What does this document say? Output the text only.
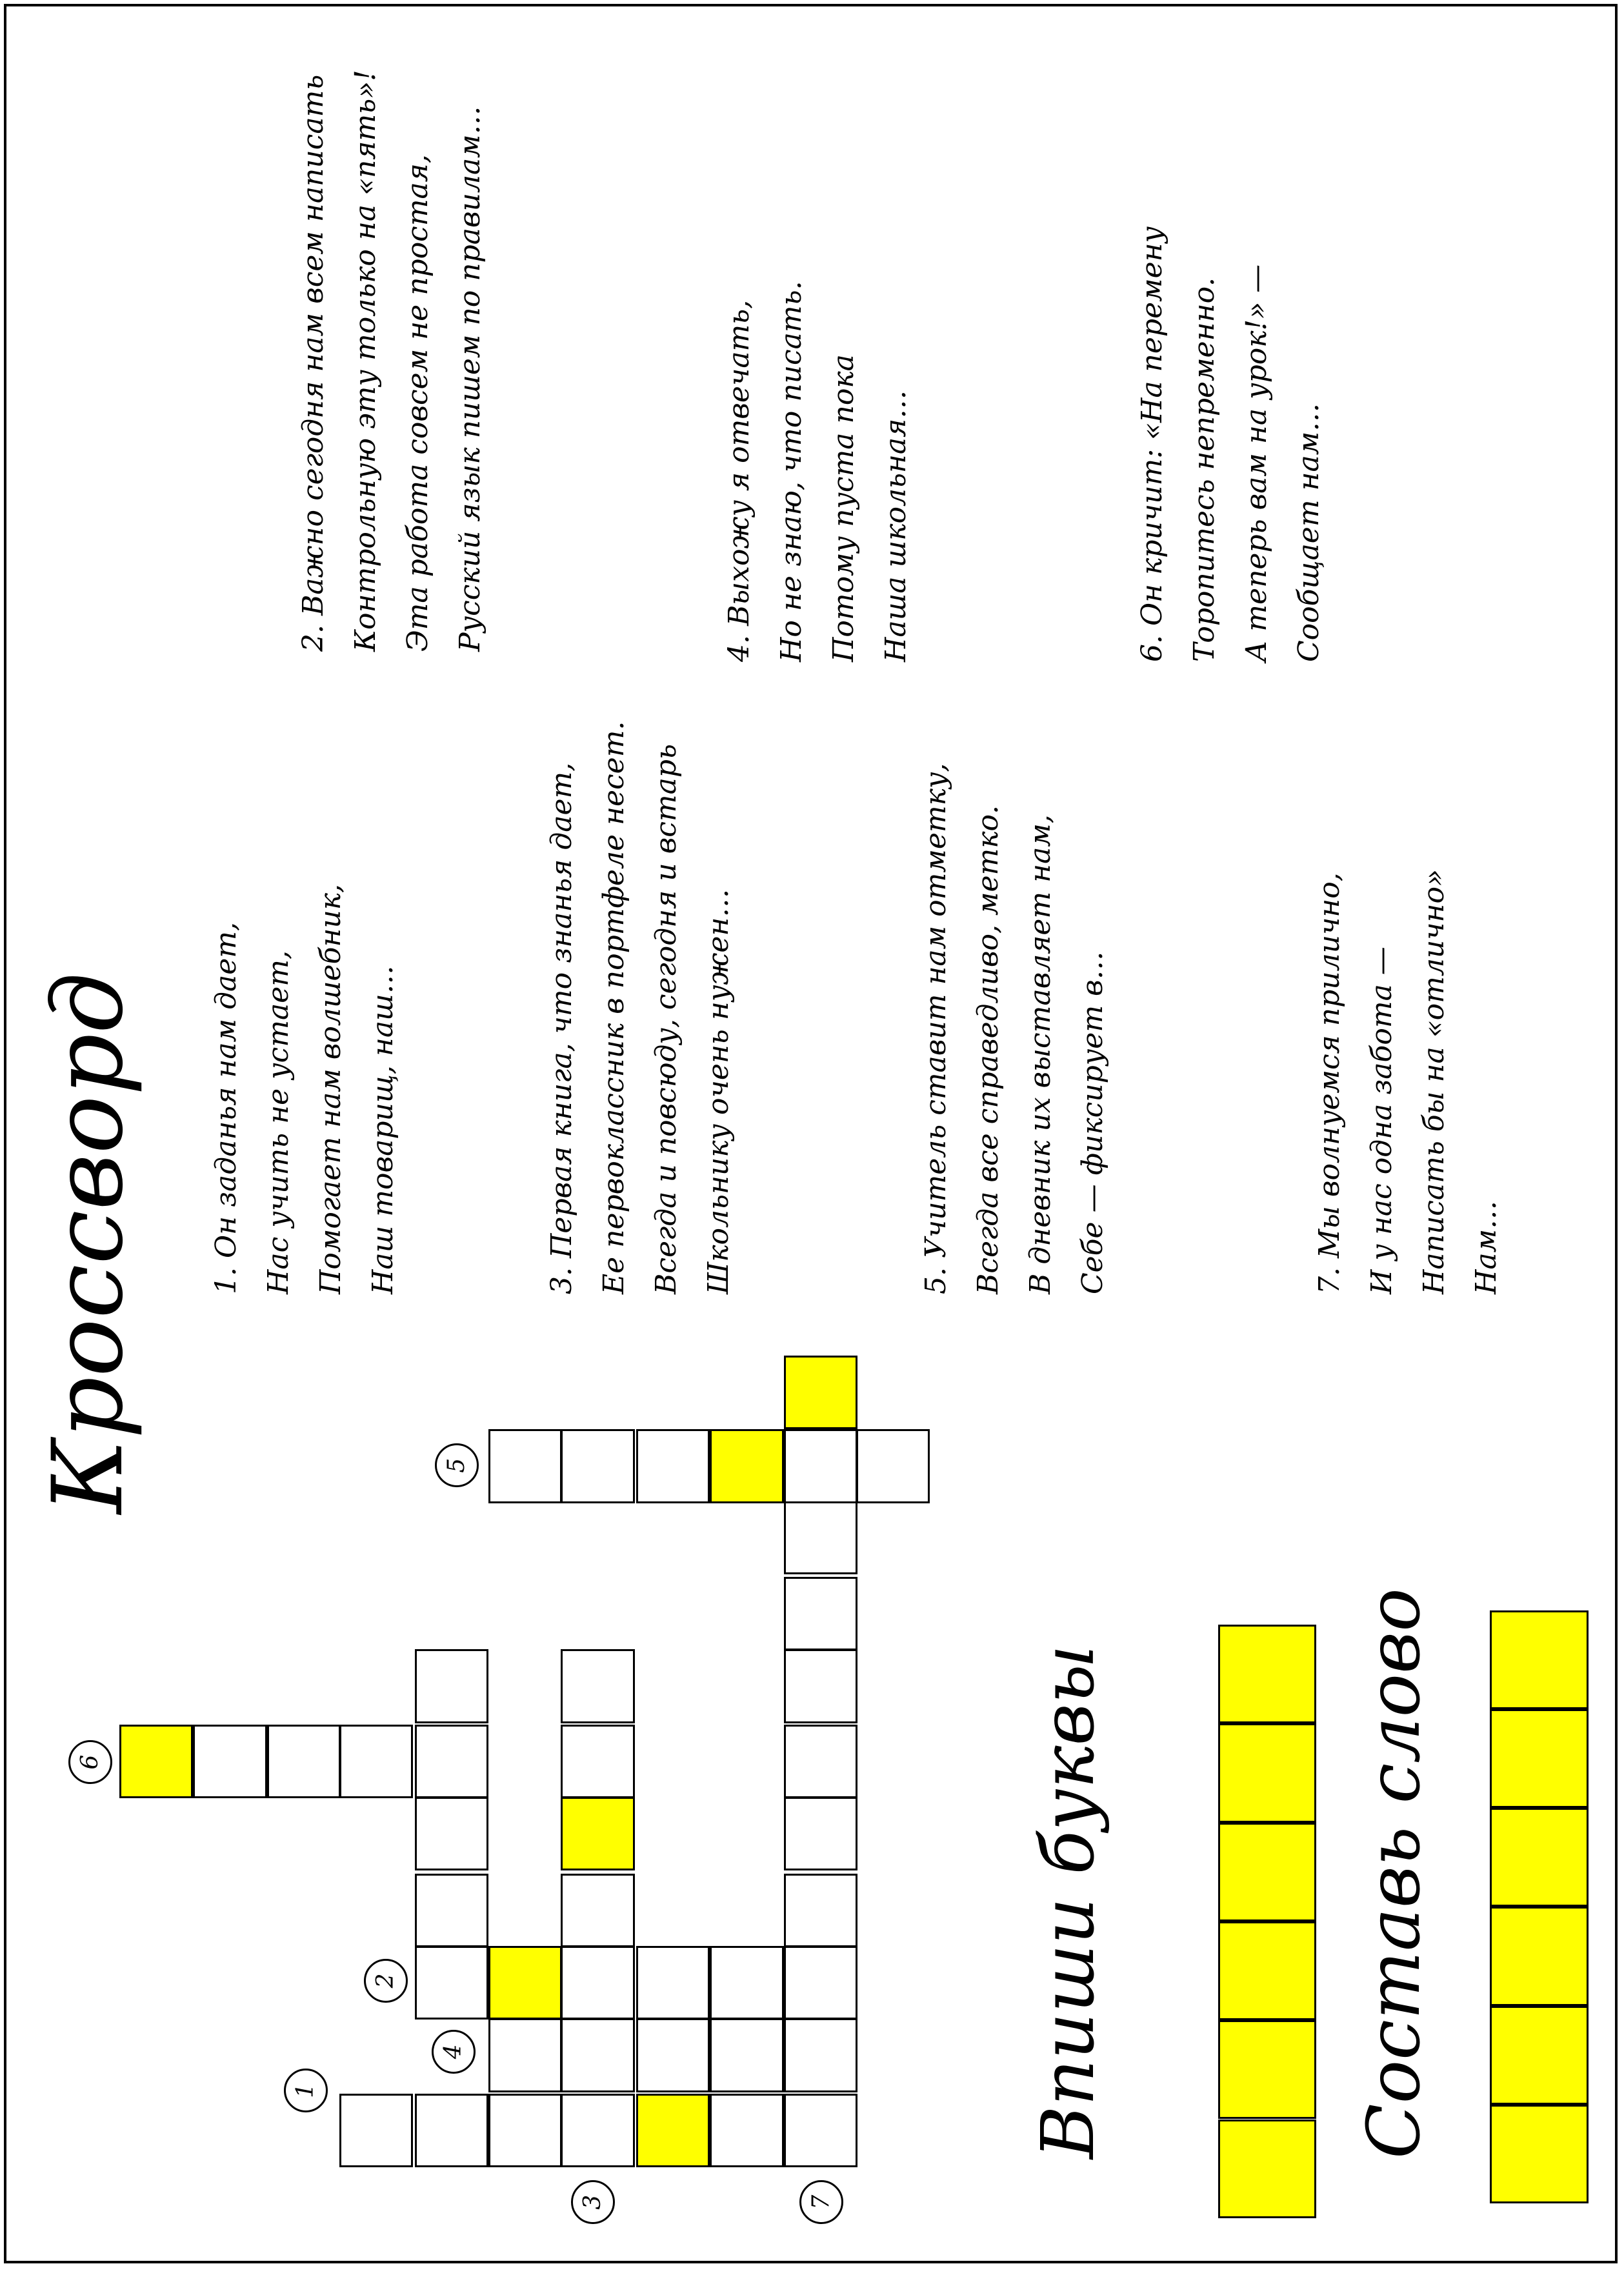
Кроссворд
1
2
3
4
5
6
7
1. Он заданья нам дает,
Нас учить не устает,
Помогает нам волшебник,
Наш товарищ, наш…
2. Важно сегодня нам всем написать
Контрольную эту только на «пять»!
Эта работа совсем не простая,
Русский язык пишем по правилам…
3. Первая книга, что знанья дает,
Ее первоклассник в портфеле несет.
Всегда и повсюду, сегодня и встарь
Школьнику очень нужен…
4. Выхожу я отвечать,
Но не знаю, что писать.
Потому пуста пока
Наша школьная…
5. Учитель ставит нам отметку,
Всегда все справедливо, метко.
В дневник их выставляет нам,
Себе — фиксирует в…
6. Он кричит: «На перемену
Торопитесь непременно.
А теперь вам на урок!» —
Сообщает нам…
7. Мы волнуемся прилично,
И у нас одна забота —
Написать бы на «отлично»
Нам…
Впиши буквы	Составь слово
